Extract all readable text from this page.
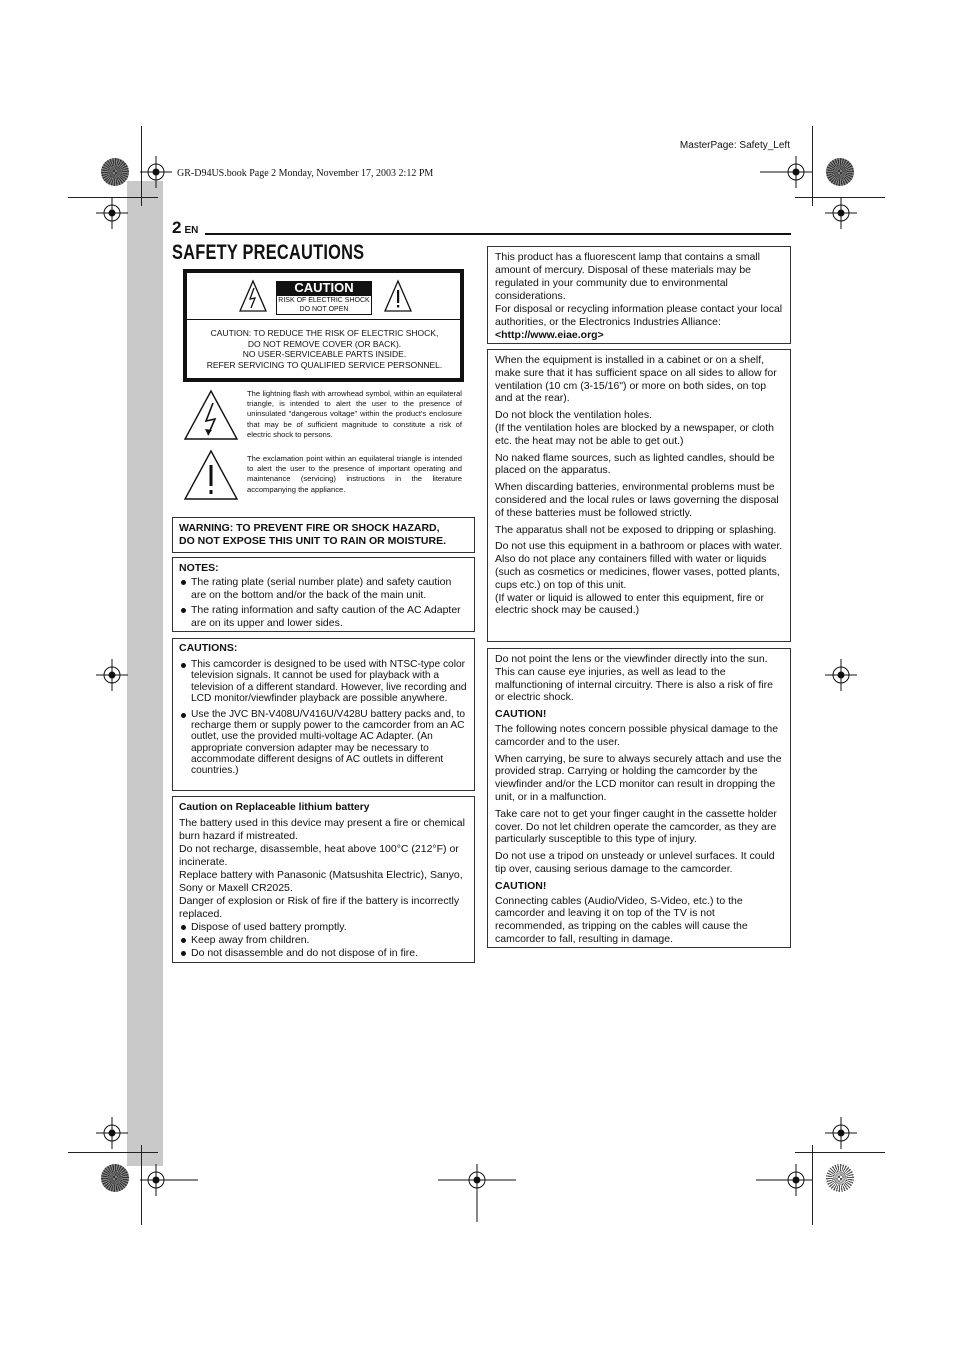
MasterPage: Safety_Left
GR-D94US.book Page 2 Monday, November 17, 2003 2:12 PM
2 EN
SAFETY PRECAUTIONS
CAUTION
RISK OF ELECTRIC SHOCK
DO NOT OPEN
CAUTION: TO REDUCE THE RISK OF ELECTRIC SHOCK,
DO NOT REMOVE COVER (OR BACK).
NO USER-SERVICEABLE PARTS INSIDE.
REFER SERVICING TO QUALIFIED SERVICE PERSONNEL.
The lightning flash with arrowhead symbol, within an equilateral triangle, is intended to alert the user to the presence of uninsulated "dangerous voltage" within the product's enclosure that may be of sufficient magnitude to constitute a risk of electric shock to persons.
The exclamation point within an equilateral triangle is intended to alert the user to the presence of important operating and maintenance (servicing) instructions in the literature accompanying the appliance.
WARNING: TO PREVENT FIRE OR SHOCK HAZARD,
DO NOT EXPOSE THIS UNIT TO RAIN OR MOISTURE.
NOTES:
The rating plate (serial number plate) and safety caution are on the bottom and/or the back of the main unit.
The rating information and safty caution of the AC Adapter are on its upper and lower sides.
CAUTIONS:
This camcorder is designed to be used with NTSC-type color television signals. It cannot be used for playback with a television of a different standard. However, live recording and LCD monitor/viewfinder playback are possible anywhere.
Use the JVC BN-V408U/V416U/V428U battery packs and, to recharge them or supply power to the camcorder from an AC outlet, use the provided multi-voltage AC Adapter. (An appropriate conversion adapter may be necessary to accommodate different designs of AC outlets in different countries.)
Caution on Replaceable lithium battery
The battery used in this device may present a fire or chemical burn hazard if mistreated.
Do not recharge, disassemble, heat above 100°C (212°F) or incinerate.
Replace battery with Panasonic (Matsushita Electric), Sanyo, Sony or Maxell CR2025.
Danger of explosion or Risk of fire if the battery is incorrectly replaced.
Dispose of used battery promptly.
Keep away from children.
Do not disassemble and do not dispose of in fire.
This product has a fluorescent lamp that contains a small amount of mercury. Disposal of these materials may be regulated in your community due to environmental considerations.
For disposal or recycling information please contact your local authorities, or the Electronics Industries Alliance:
<http://www.eiae.org>

When the equipment is installed in a cabinet or on a shelf, make sure that it has sufficient space on all sides to allow for ventilation (10 cm (3-15/16") or more on both sides, on top and at the rear).

Do not block the ventilation holes.

(If the ventilation holes are blocked by a newspaper, or cloth etc. the heat may not be able to get out.)

No naked flame sources, such as lighted candles, should be placed on the apparatus.

When discarding batteries, environmental problems must be considered and the local rules or laws governing the disposal of these batteries must be followed strictly.

The apparatus shall not be exposed to dripping or splashing.

Do not use this equipment in a bathroom or places with water.
Also do not place any containers filled with water or liquids (such as cosmetics or medicines, flower vases, potted plants, cups etc.) on top of this unit.
(If water or liquid is allowed to enter this equipment, fire or electric shock may be caused.)

Do not point the lens or the viewfinder directly into the sun. This can cause eye injuries, as well as lead to the malfunctioning of internal circuitry. There is also a risk of fire or electric shock.

CAUTION!

The following notes concern possible physical damage to the camcorder and to the user.

When carrying, be sure to always securely attach and use the provided strap. Carrying or holding the camcorder by the viewfinder and/or the LCD monitor can result in dropping the unit, or in a malfunction.

Take care not to get your finger caught in the cassette holder cover. Do not let children operate the camcorder, as they are particularly susceptible to this type of injury.

Do not use a tripod on unsteady or unlevel surfaces. It could tip over, causing serious damage to the camcorder.

CAUTION!
Connecting cables (Audio/Video, S-Video, etc.) to the camcorder and leaving it on top of the TV is not recommended, as tripping on the cables will cause the camcorder to fall, resulting in damage.
